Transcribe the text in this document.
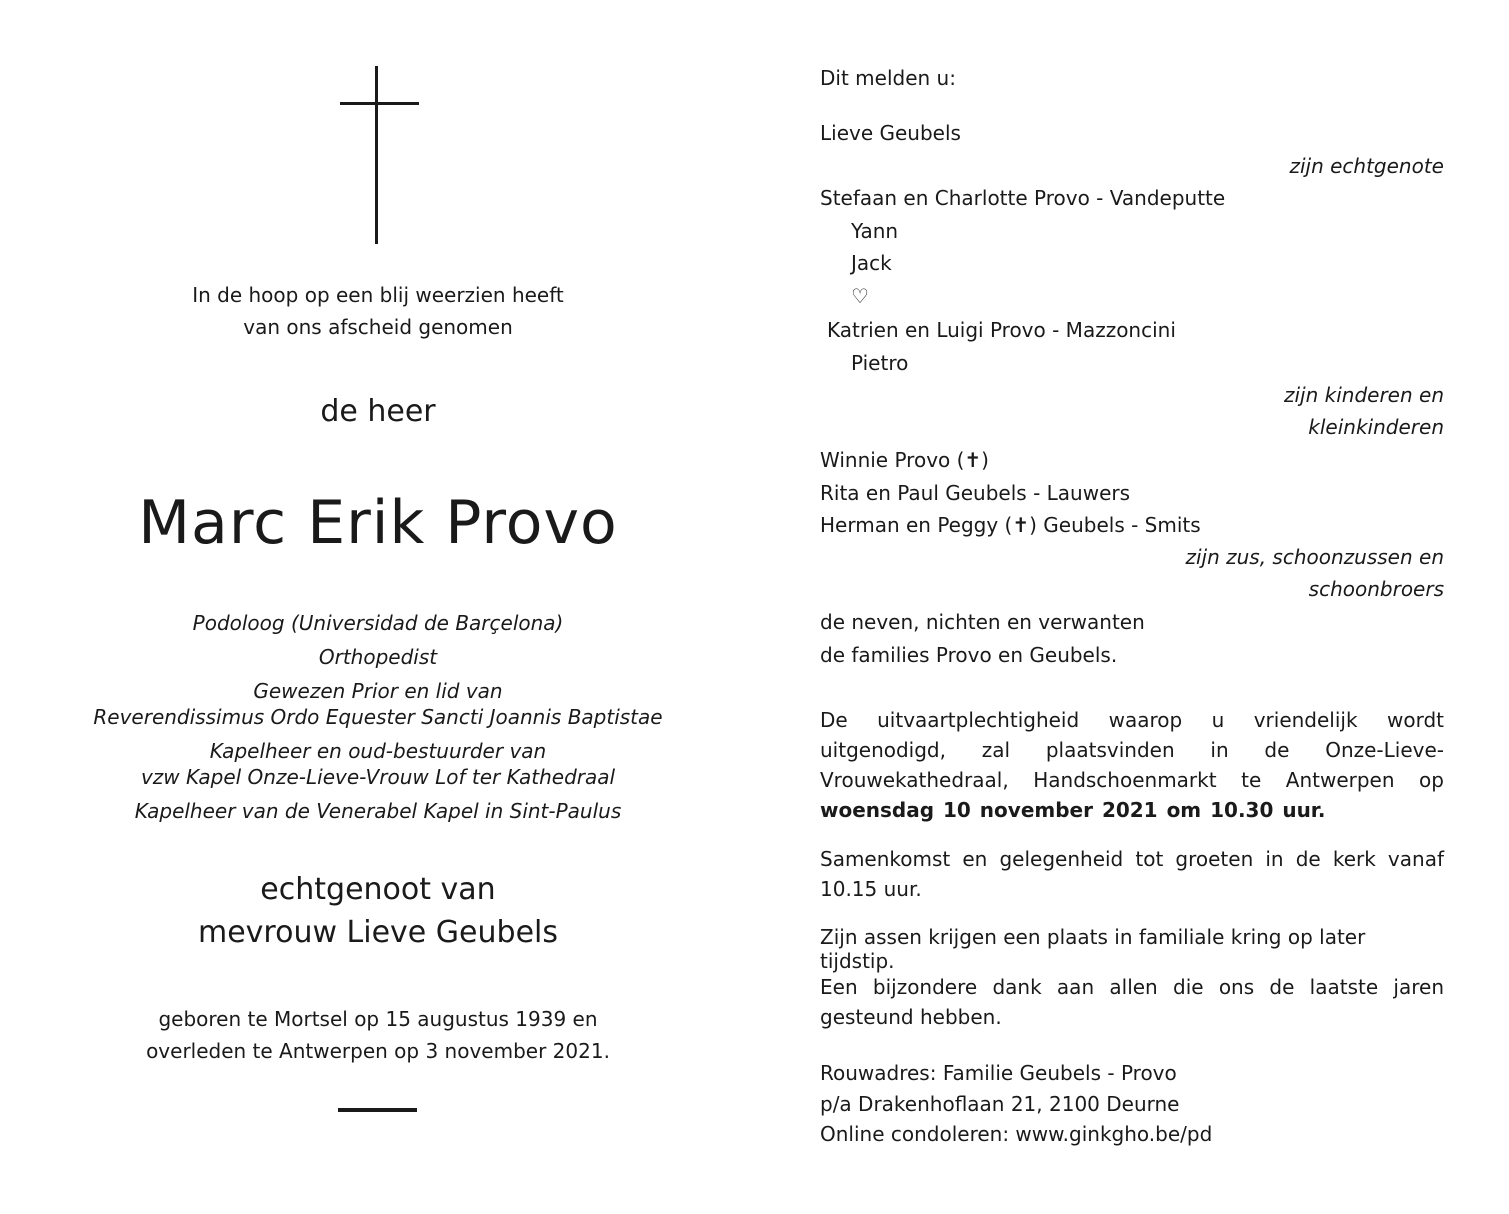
In de hoop op een blij weerzien heeft
van ons afscheid genomen
de heer
Marc Erik Provo
Podoloog (Universidad de Barçelona)
Orthopedist
Gewezen Prior en lid van
Reverendissimus Ordo Equester Sancti Joannis Baptistae
Kapelheer en oud-bestuurder van
vzw Kapel Onze-Lieve-Vrouw Lof ter Kathedraal
Kapelheer van de Venerabel Kapel in Sint-Paulus
echtgenoot van
mevrouw Lieve Geubels
geboren te Mortsel op 15 augustus 1939 en
overleden te Antwerpen op 3 november 2021.
Dit melden u:
Lieve Geubels
zijn echtgenote
Stefaan en Charlotte Provo - Vandeputte
Yann
Jack
♡
Katrien en Luigi Provo - Mazzoncini
Pietro
zijn kinderen en
kleinkinderen
Winnie Provo (✝)
Rita en Paul Geubels - Lauwers
Herman en Peggy (✝) Geubels - Smits
zijn zus, schoonzussen en
schoonbroers
de neven, nichten en verwanten
de families Provo en Geubels.
De uitvaartplechtigheid waarop u vriendelijk wordt uitgenodigd, zal plaatsvinden in de Onze-Lieve-Vrouwekathedraal, Handschoenmarkt te Antwerpen op woensdag 10 november 2021 om 10.30 uur.
Samenkomst en gelegenheid tot groeten in de kerk vanaf 10.15 uur.
Zijn assen krijgen een plaats in familiale kring op later tijdstip.
Een bijzondere dank aan allen die ons de laatste jaren gesteund hebben.
Rouwadres: Familie Geubels - Provo
p/a Drakenhoflaan 21, 2100 Deurne
Online condoleren: www.ginkgho.be/pd
